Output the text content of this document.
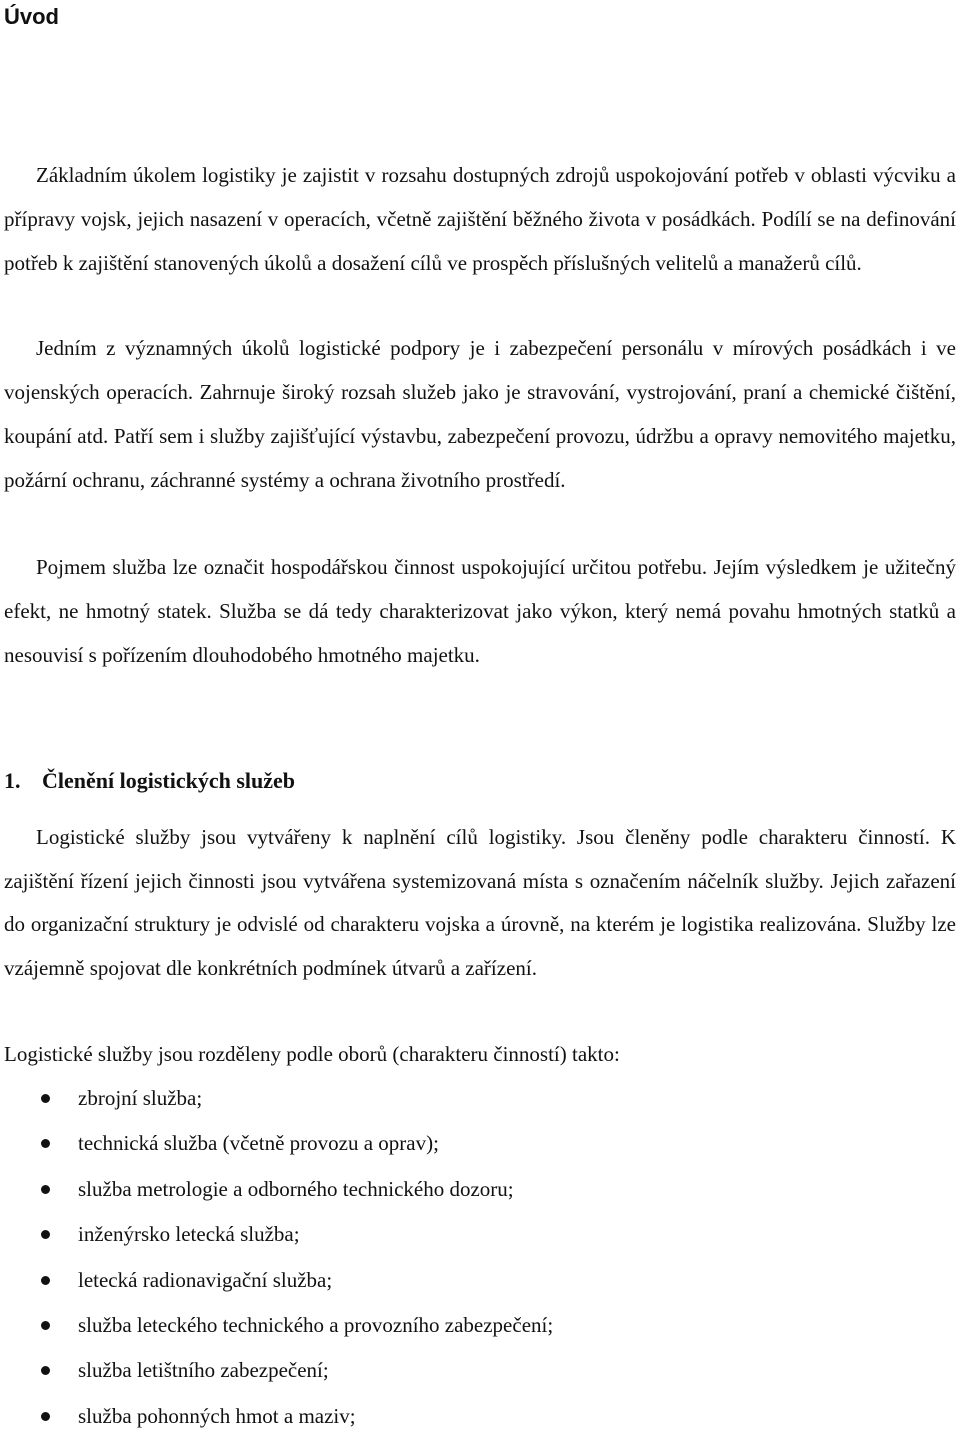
Úvod

Základním úkolem logistiky je zajistit v rozsahu dostupných zdrojů uspokojování potřeb v oblasti výcviku a přípravy vojsk, jejich nasazení v operacích, včetně zajištění běžného života v posádkách. Podílí se na definování potřeb k zajištění stanovených úkolů a dosažení cílů ve prospěch příslušných velitelů a manažerů cílů.

Jedním z významných úkolů logistické podpory je i zabezpečení personálu v mírových posádkách i ve vojenských operacích. Zahrnuje široký rozsah služeb jako je stravování, vystrojování, praní a chemické čištění, koupání atd. Patří sem i služby zajišťující výstavbu, zabezpečení provozu, údržbu a opravy nemovitého majetku, požární ochranu, záchranné systémy a ochrana životního prostředí.

Pojmem služba lze označit hospodářskou činnost uspokojující určitou potřebu. Jejím výsledkem je užitečný efekt, ne hmotný statek. Služba se dá tedy charakterizovat jako výkon, který nemá povahu hmotných statků a nesouvisí s pořízením dlouhodobého hmotného majetku.

1. Členění logistických služeb

Logistické služby jsou vytvářeny k naplnění cílů logistiky. Jsou členěny podle charakteru činností. K zajištění řízení jejich činnosti jsou vytvářena systemizovaná místa s označením náčelník služby. Jejich zařazení do organizační struktury je odvislé od charakteru vojska a úrovně, na kterém je logistika realizována. Služby lze vzájemně spojovat dle konkrétních podmínek útvarů a zařízení.

Logistické služby jsou rozděleny podle oborů (charakteru činností) takto:

zbrojní služba;
technická služba (včetně provozu a oprav);
služba metrologie a odborného technického dozoru;
inženýrsko letecká služba;
letecká radionavigační služba;
služba leteckého technického a provozního zabezpečení;
služba letištního zabezpečení;
služba pohonných hmot a maziv;
